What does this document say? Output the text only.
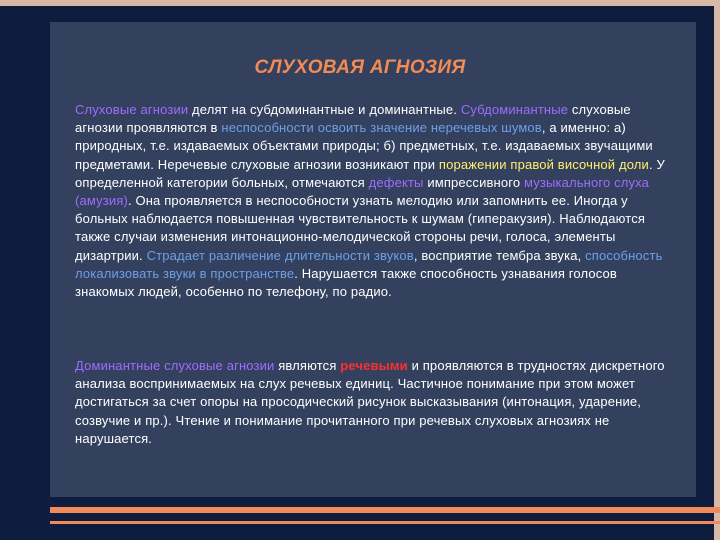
СЛУХОВАЯ АГНОЗИЯ

Слуховые агнозии делят на субдоминантные и доминантные. Субдоминантные слуховые агнозии проявляются в неспособности освоить значение неречевых шумов, а именно: а) природных, т.е. издаваемых объектами природы; б) предметных, т.е. издаваемых звучащими предметами. Неречевые слуховые агнозии возникают при поражении правой височной доли. У определенной категории больных, отмечаются дефекты импрессивного музыкального слуха (амузия). Она проявляется в неспособности узнать мелодию или запомнить ее. Иногда у больных наблюдается повышенная чувствительность к шумам (гиперакузия). Наблюдаются также случаи изменения интонационно-мелодической стороны речи, голоса, элементы дизартрии. Страдает различение длительности звуков, восприятие тембра звука, способность локализовать звуки в пространстве. Нарушается также способность узнавания голосов знакомых людей, особенно по телефону, по радио.

Доминантные слуховые агнозии являются речевыми и проявляются в трудностях дискретного анализа воспринимаемых на слух речевых единиц. Частичное понимание при этом может достигаться за счет опоры на просодический рисунок высказывания (интонация, ударение, созвучие и пр.). Чтение и понимание прочитанного при речевых слуховых агнозиях не нарушается.
